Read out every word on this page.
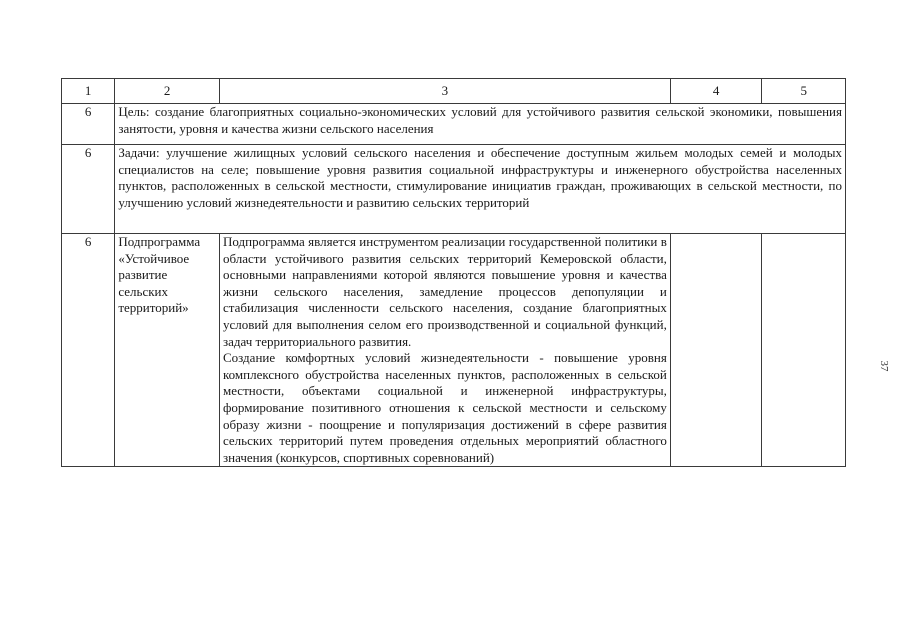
1	2	3	4	5
6	Цель: создание благоприятных социально-экономических условий для устойчивого развития сельской экономики, повышения занятости, уровня и качества жизни сельского населения			
6	Задачи: улучшение жилищных условий сельского населения и обеспечение доступным жильем молодых семей и молодых специалистов на селе; повышение уровня развития социальной инфраструктуры и инженерного обустройства населенных пунктов, расположенных в сельской местности, стимулирование инициатив граждан, проживающих в сельской местности, по улучшению условий жизнедеятельности и развитию сельских территорий			
6	Подпрограмма «Устойчивое развитие сельских территорий»	Подпрограмма является инструментом реализации государственной политики в области устойчивого развития сельских территорий Кемеровской области, основными направлениями которой являются повышение уровня и качества жизни сельского населения, замедление процессов депопуляции и стабилизация численности сельского населения, создание благоприятных условий для выполнения селом его производственной и социальной функций, задач территориального развития.
Создание комфортных условий жизнедеятельности - повышение уровня комплексного обустройства населенных пунктов, расположенных в сельской местности, объектами социальной и инженерной инфраструктуры, формирование позитивного отношения к сельской местности и сельскому образу жизни - поощрение и популяризация достижений в сфере развития сельских территорий путем проведения отдельных мероприятий областного значения (конкурсов, спортивных соревнований)		

37
